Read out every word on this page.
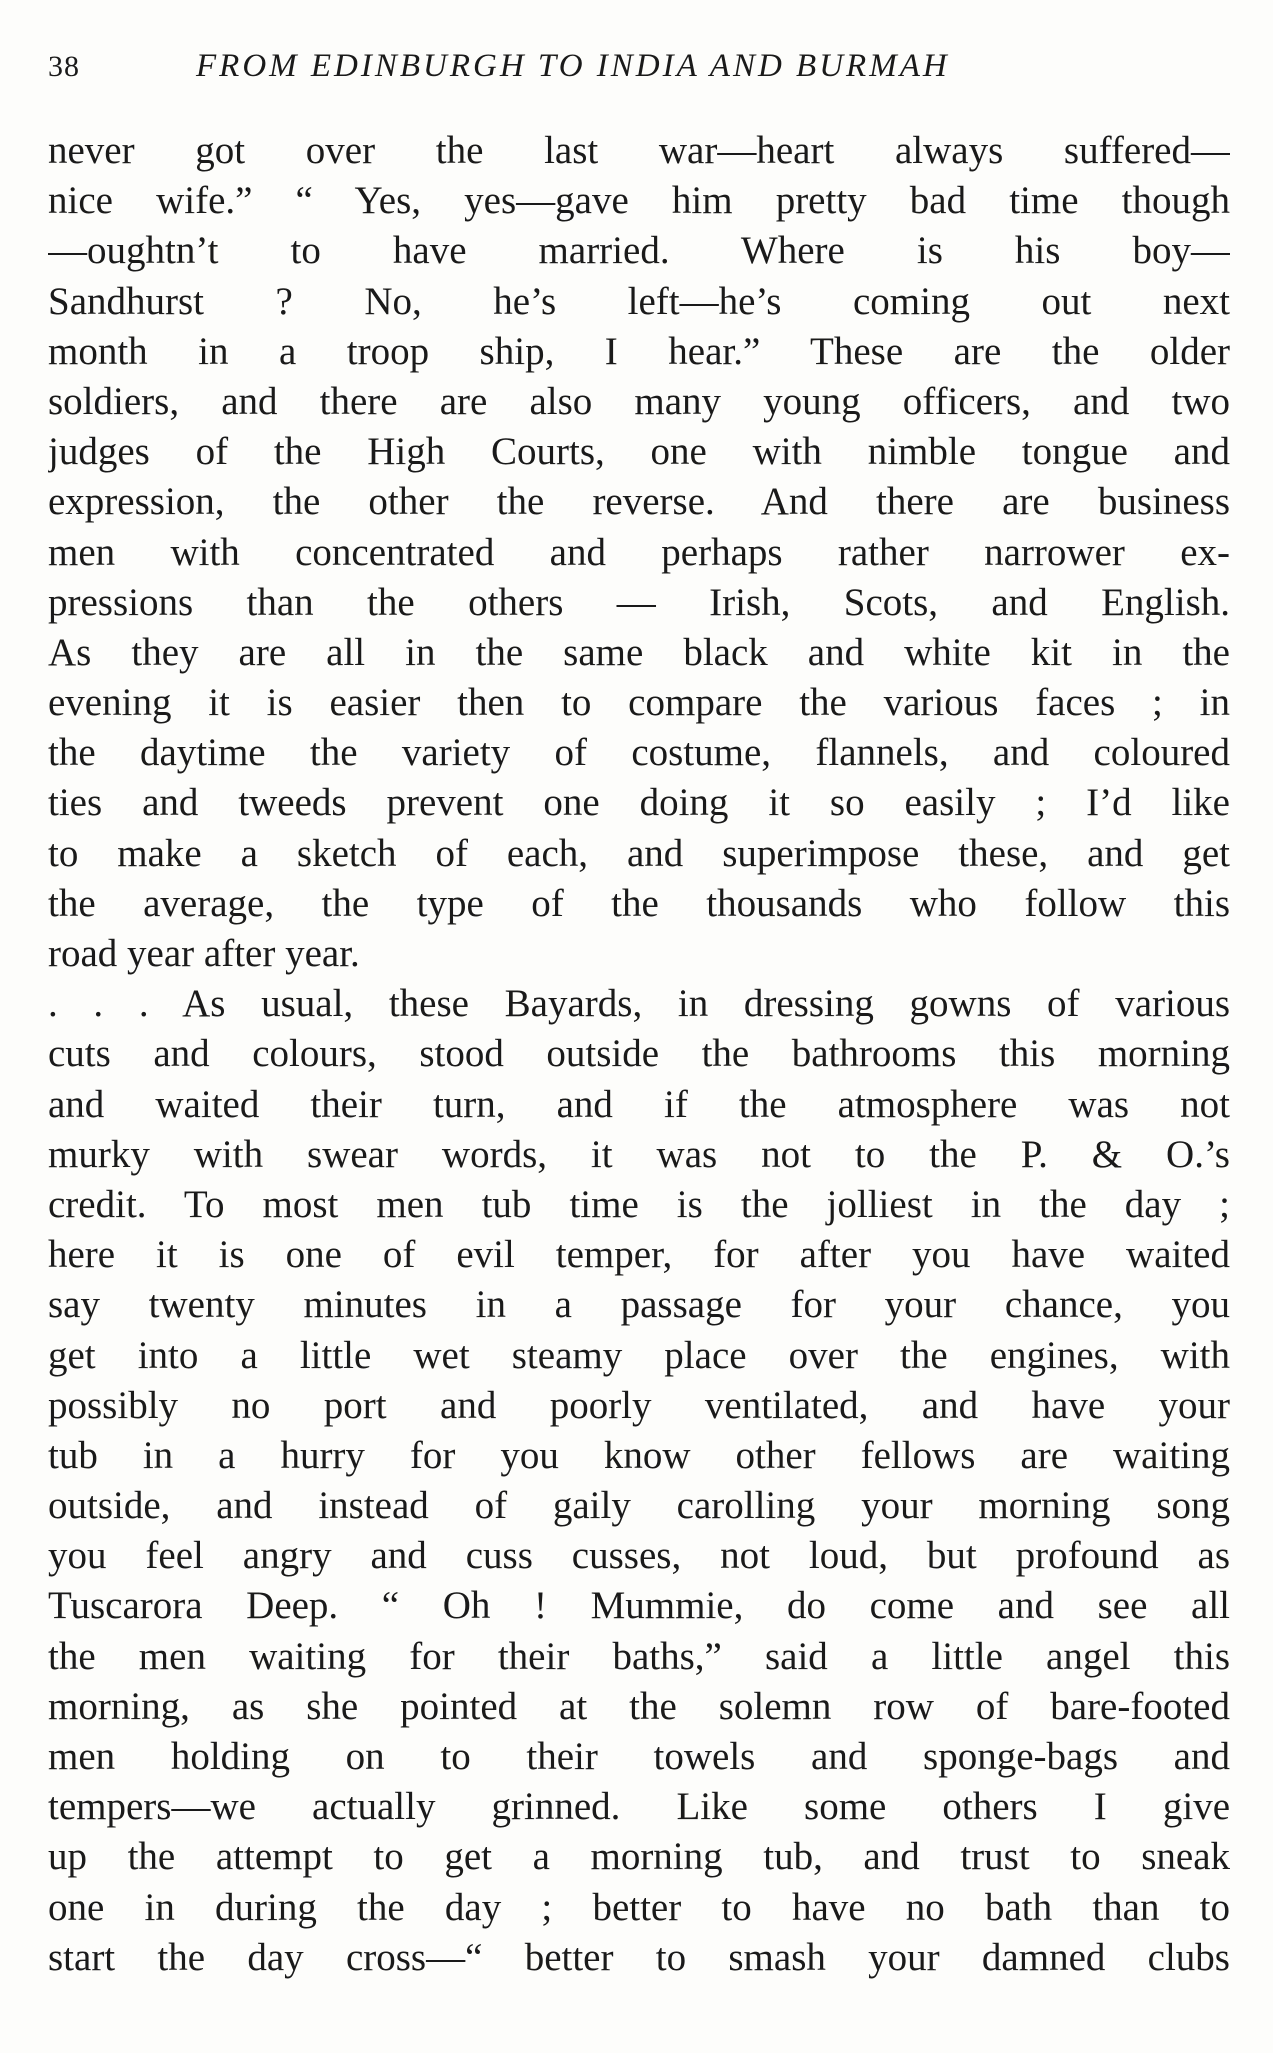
38	FROM EDINBURGH TO INDIA AND BURMAH
never got over the last war—heart always suffered—
nice wife.” “ Yes, yes—gave him pretty bad time though
—oughtn’t to have married. Where is his boy—
Sandhurst ? No, he’s left—he’s coming out next
month in a troop ship, I hear.” These are the older
soldiers, and there are also many young officers, and two
judges of the High Courts, one with nimble tongue and
expression, the other the reverse. And there are business
men with concentrated and perhaps rather narrower ex-
pressions than the others — Irish, Scots, and English.
As they are all in the same black and white kit in the
evening it is easier then to compare the various faces ; in
the daytime the variety of costume, flannels, and coloured
ties and tweeds prevent one doing it so easily ; I’d like
to make a sketch of each, and superimpose these, and get
the average, the type of the thousands who follow this
road year after year.
. . . As usual, these Bayards, in dressing gowns of various
cuts and colours, stood outside the bathrooms this morning
and waited their turn, and if the atmosphere was not
murky with swear words, it was not to the P. & O.’s
credit. To most men tub time is the jolliest in the day ;
here it is one of evil temper, for after you have waited
say twenty minutes in a passage for your chance, you
get into a little wet steamy place over the engines, with
possibly no port and poorly ventilated, and have your
tub in a hurry for you know other fellows are waiting
outside, and instead of gaily carolling your morning song
you feel angry and cuss cusses, not loud, but profound as
Tuscarora Deep. “ Oh ! Mummie, do come and see all
the men waiting for their baths,” said a little angel this
morning, as she pointed at the solemn row of bare-footed
men holding on to their towels and sponge-bags and
tempers—we actually grinned. Like some others I give
up the attempt to get a morning tub, and trust to sneak
one in during the day ; better to have no bath than to
start the day cross—“ better to smash your damned clubs
